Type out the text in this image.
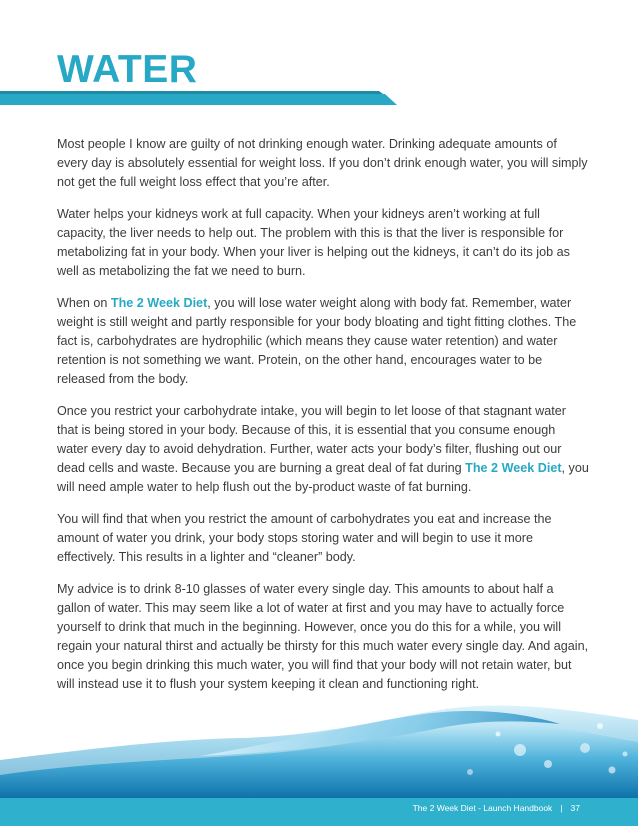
WATER

Most people I know are guilty of not drinking enough water. Drinking adequate amounts of every day is absolutely essential for weight loss. If you don’t drink enough water, you will simply not get the full weight loss effect that you’re after.

Water helps your kidneys work at full capacity. When your kidneys aren’t working at full capacity, the liver needs to help out. The problem with this is that the liver is responsible for metabolizing fat in your body. When your liver is helping out the kidneys, it can’t do its job as well as metabolizing the fat we need to burn.

When on The 2 Week Diet, you will lose water weight along with body fat. Remember, water weight is still weight and partly responsible for your body bloating and tight fitting clothes. The fact is, carbohydrates are hydrophilic (which means they cause water retention) and water retention is not something we want. Protein, on the other hand, encourages water to be released from the body.

Once you restrict your carbohydrate intake, you will begin to let loose of that stagnant water that is being stored in your body. Because of this, it is essential that you consume enough water every day to avoid dehydration. Further, water acts your body’s filter, flushing out our dead cells and waste. Because you are burning a great deal of fat during The 2 Week Diet, you will need ample water to help flush out the by-product waste of fat burning.

You will find that when you restrict the amount of carbohydrates you eat and increase the amount of water you drink, your body stops storing water and will begin to use it more effectively. This results in a lighter and “cleaner” body.

My advice is to drink 8-10 glasses of water every single day. This amounts to about half a gallon of water. This may seem like a lot of water at first and you may have to actually force yourself to drink that much in the beginning. However, once you do this for a while, you will regain your natural thirst and actually be thirsty for this much water every single day. And again, once you begin drinking this much water, you will find that your body will not retain water, but will instead use it to flush your system keeping it clean and functioning right.

The 2 Week Diet - Launch Handbook | 37
